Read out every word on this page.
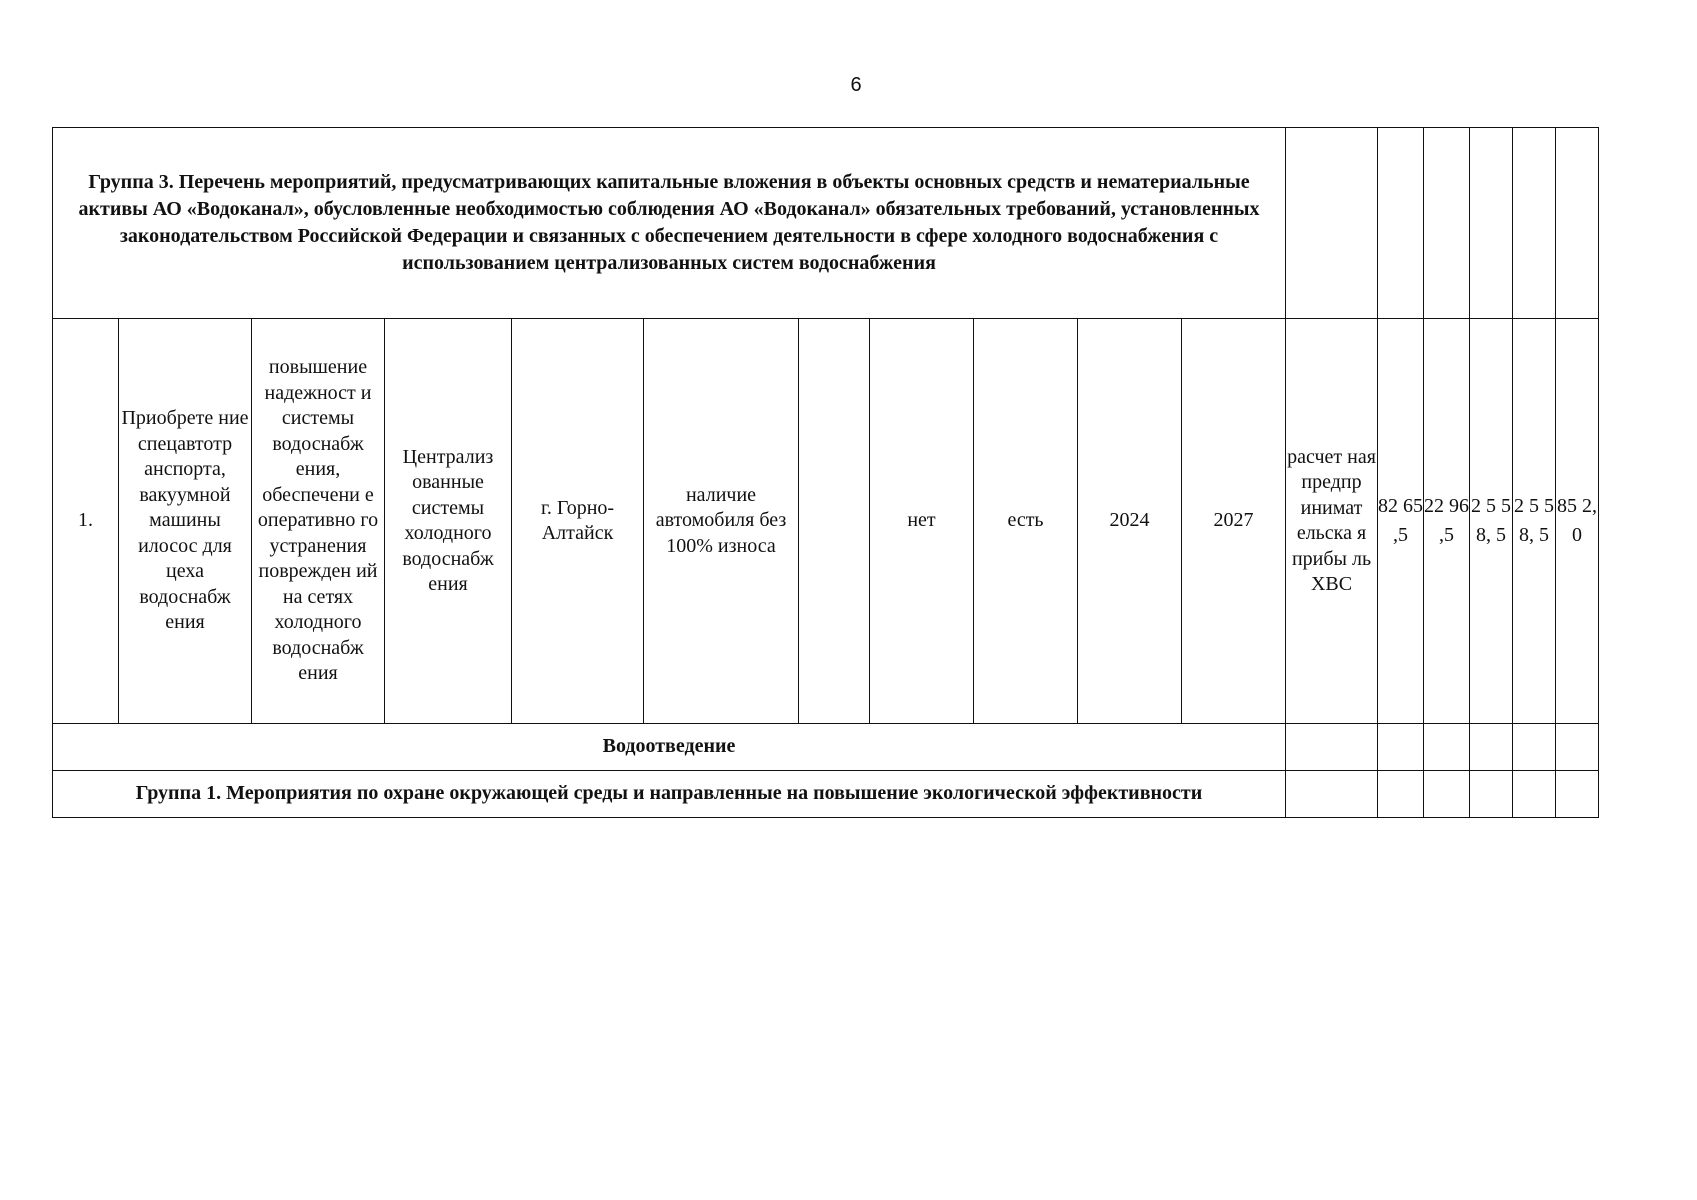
6
Группа 3. Перечень мероприятий, предусматривающих капитальные вложения в объекты основных средств и нематериальные активы АО «Водоканал», обусловленные необходимостью соблюдения АО «Водоканал» обязательных требований, установленных законодательством Российской Федерации и связанных с обеспечением деятельности в сфере холодного водоснабжения с использованием централизованных систем водоснабжения																
1.	Приобрете ние спецавтотр анспорта, вакуумной машины илосос для цеха водоснабж ения	повышение надежност и системы водоснабж ения, обеспечени е оперативно го устранения поврежден ий на сетях холодного водоснабж ения	Централиз ованные системы холодного водоснабж ения	г. Горно-Алтайск	наличие автомобиля без 100% износа		нет	есть	2024	2027	расчет ная предпр инимат ельска я прибы ль ХВС	82 65 ,5	22 96 ,5	2 5 5 8, 5	2 5 5 8, 5	85 2, 0
Водоотведение																
Группа 1. Мероприятия по охране окружающей среды и направленные на повышение экологической эффективности																
